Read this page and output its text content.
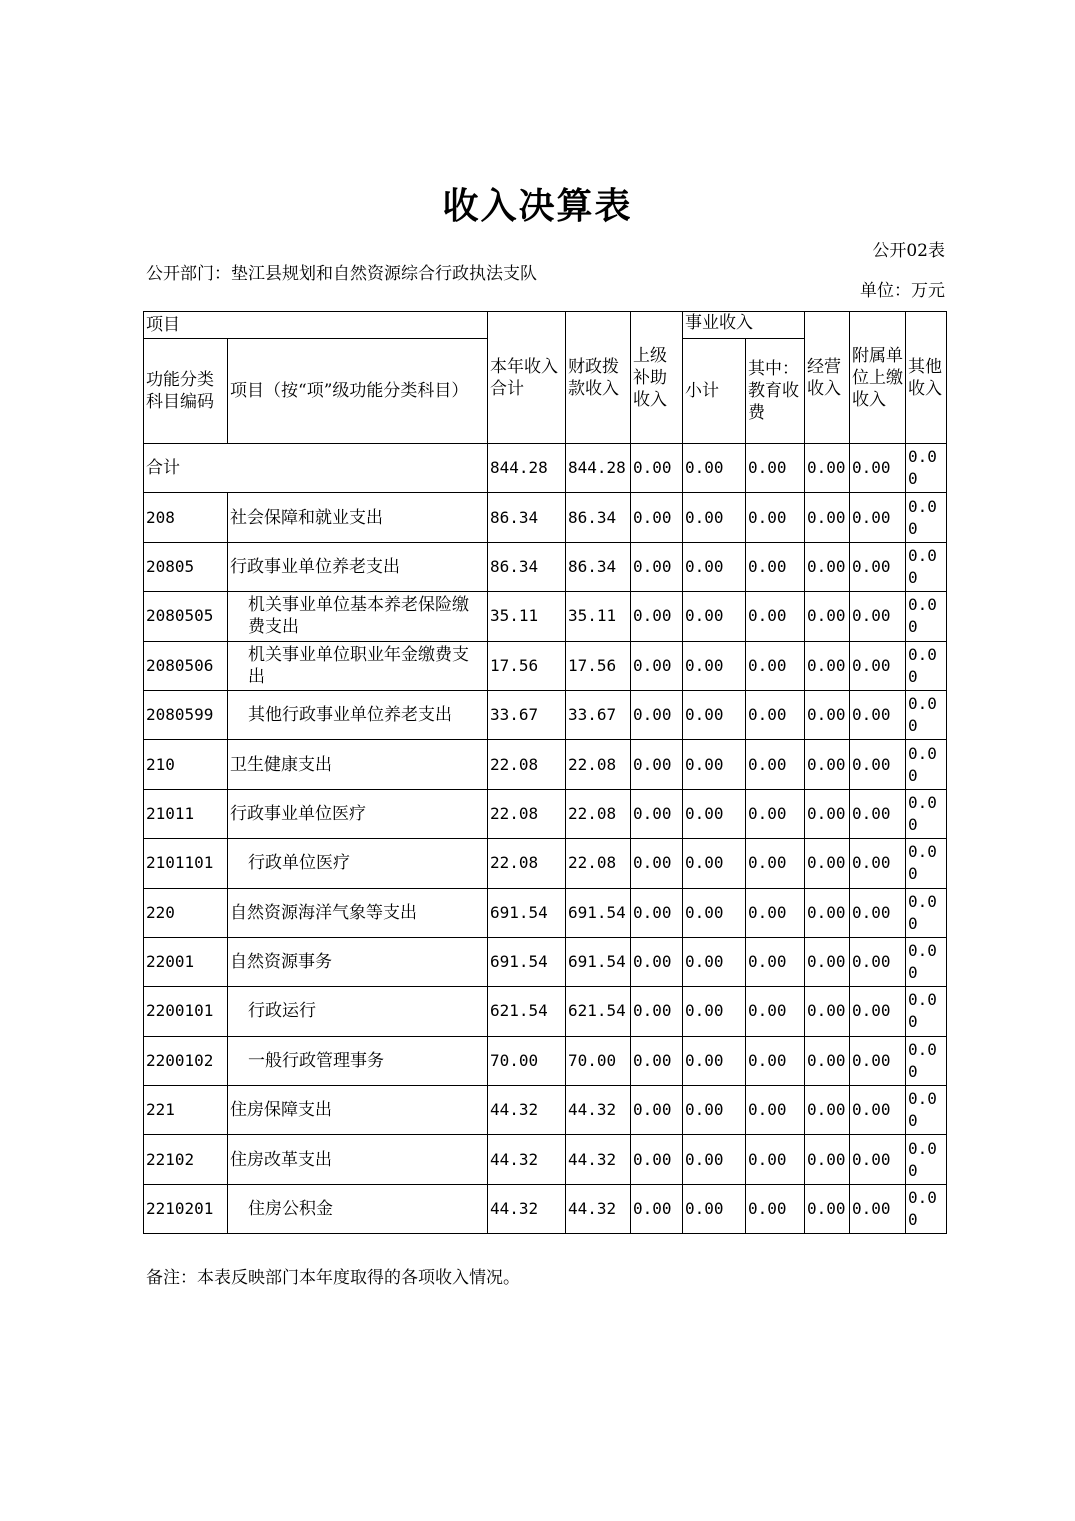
收入决算表
公开02表
公开部门：垫江县规划和自然资源综合行政执法支队
单位：万元
项目		本年收入合计	财政拨款收入	上级补助收入	事业收入		经营收入	附属单位上缴收入	其他收入
功能分类科目编码	项目（按“项”级功能分类科目）				小计	其中：教育收费			
合计		844.28	844.28	0.00	0.00	0.00	0.00	0.00	0.00
208	社会保障和就业支出	86.34	86.34	0.00	0.00	0.00	0.00	0.00	0.00
20805	行政事业单位养老支出	86.34	86.34	0.00	0.00	0.00	0.00	0.00	0.00
2080505	机关事业单位基本养老保险缴费支出	35.11	35.11	0.00	0.00	0.00	0.00	0.00	0.00
2080506	机关事业单位职业年金缴费支出	17.56	17.56	0.00	0.00	0.00	0.00	0.00	0.00
2080599	其他行政事业单位养老支出	33.67	33.67	0.00	0.00	0.00	0.00	0.00	0.00
210	卫生健康支出	22.08	22.08	0.00	0.00	0.00	0.00	0.00	0.00
21011	行政事业单位医疗	22.08	22.08	0.00	0.00	0.00	0.00	0.00	0.00
2101101	行政单位医疗	22.08	22.08	0.00	0.00	0.00	0.00	0.00	0.00
220	自然资源海洋气象等支出	691.54	691.54	0.00	0.00	0.00	0.00	0.00	0.00
22001	自然资源事务	691.54	691.54	0.00	0.00	0.00	0.00	0.00	0.00
2200101	行政运行	621.54	621.54	0.00	0.00	0.00	0.00	0.00	0.00
2200102	一般行政管理事务	70.00	70.00	0.00	0.00	0.00	0.00	0.00	0.00
221	住房保障支出	44.32	44.32	0.00	0.00	0.00	0.00	0.00	0.00
22102	住房改革支出	44.32	44.32	0.00	0.00	0.00	0.00	0.00	0.00
2210201	住房公积金	44.32	44.32	0.00	0.00	0.00	0.00	0.00	0.00
备注：本表反映部门本年度取得的各项收入情况。
